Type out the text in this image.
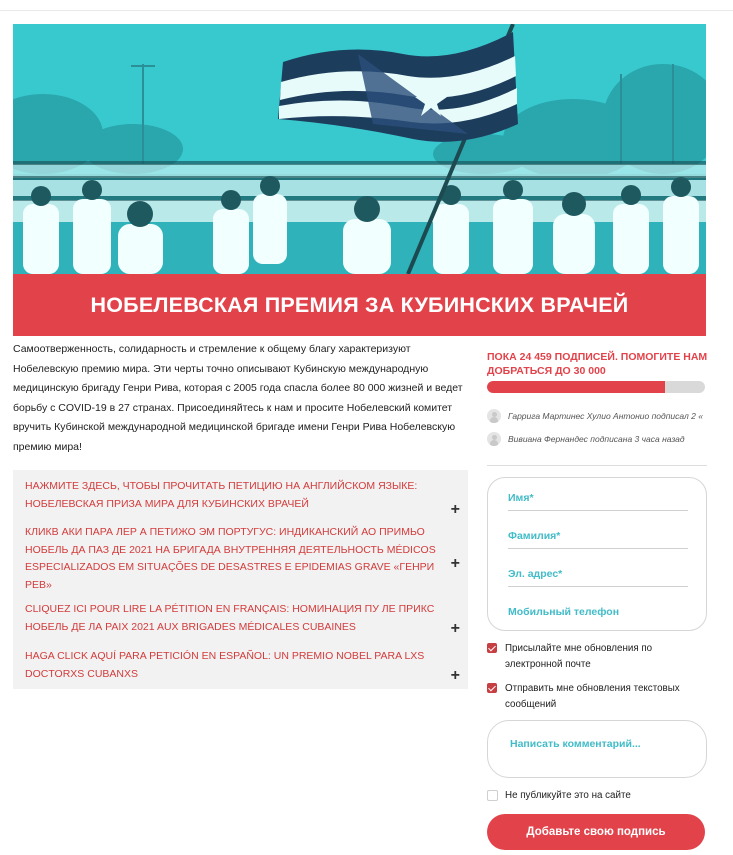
НОБЕЛЕВСКАЯ ПРЕМИЯ ЗА КУБИНСКИХ ВРАЧЕЙ
Самоотверженность, солидарность и стремление к общему благу характеризуют Нобелевскую премию мира. Эти черты точно описывают Кубинскую международную медицинскую бригаду Генри Рива, которая с 2005 года спасла более 80 000 жизней и ведет борьбу с COVID-19 в 27 странах. Присоединяйтесь к нам и просите Нобелевский комитет вручить Кубинской международной медицинской бригаде имени Генри Рива Нобелевскую премию мира!
НАЖМИТЕ ЗДЕСЬ, ЧТОБЫ ПРОЧИТАТЬ ПЕТИЦИЮ НА АНГЛИЙСКОМ ЯЗЫКЕ: НОБЕЛЕВСКАЯ ПРИЗА МИРА ДЛЯ КУБИНСКИХ ВРАЧЕЙ	+
КЛИКВ АКИ ПАРА ЛЕР А ПЕТИЖО ЭМ ПОРТУГУС: ИНДИКАНСКИЙ АО ПРИМЬО НОБЕЛЬ ДА ПАЗ ДЕ 2021 НА БРИГАДА ВНУТРЕННЯЯ ДЕЯТЕЛЬНОСТЬ MÉDICOS ESPECIALIZADOS EM SITUAÇÕES DE DESASTRES E EPIDEMIAS GRAVE «ГЕНРИ РЕВ»
+
CLIQUEZ ICI POUR LIRE LA PÉTITION EN FRANÇAIS: НОМИНАЦИЯ ПУ ЛЕ ПРИКС НОБЕЛЬ ДЕ ЛА PAIX 2021 AUX BRIGADES MÉDICALES CUBAINES	+
HAGA CLICK AQUÍ PARA PETICIÓN EN ESPAÑOL: UN PREMIO NOBEL PARA LXS DOCTORXS CUBANXS	+
ПОКА 24 459 ПОДПИСЕЙ. ПОМОГИТЕ НАМ ДОБРАТЬСЯ ДО 30 000
Гаррига Мартинес Хулио Антонио подписал 2 «
Вивиана Фернандес подписана 3 часа назад
Имя*
Фамилия*
Эл. адрес*
Мобильный телефон
Присылайте мне обновления по электронной почте
Отправить мне обновления текстовых сообщений
Написать комментарий...
Не публикуйте это на сайте
Добавьте свою подпись
